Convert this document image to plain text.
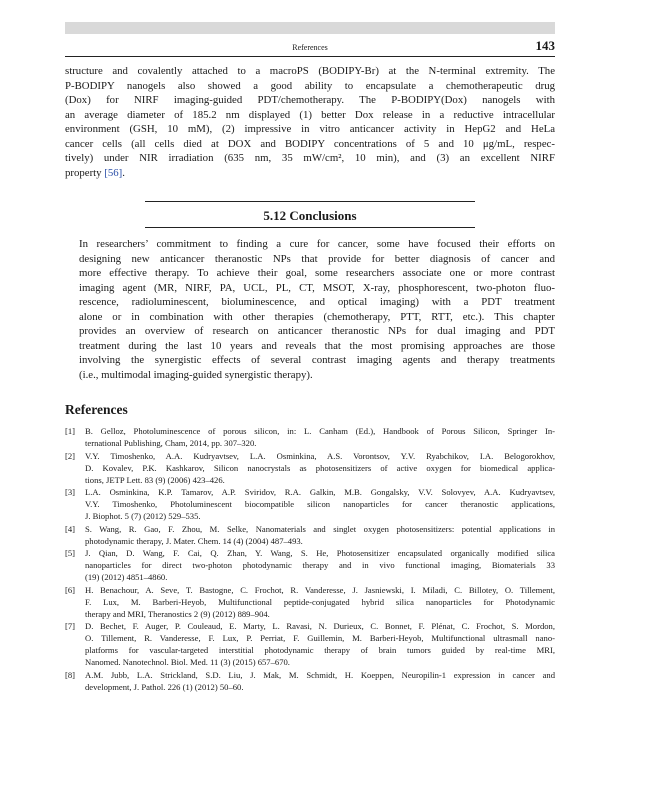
References	143

structure and covalently attached to a macroPS (BODIPY-Br) at the N-terminal extremity. The
P-BODIPY nanogels also showed a good ability to encapsulate a chemotherapeutic drug
(Dox) for NIRF imaging-guided PDT/chemotherapy. The P-BODIPY(Dox) nanogels with
an average diameter of 185.2 nm displayed (1) better Dox release in a reductive intracellular
environment (GSH, 10 mM), (2) impressive in vitro anticancer activity in HepG2 and HeLa
cancer cells (all cells died at DOX and BODIPY concentrations of 5 and 10 μg/mL, respec-
tively) under NIR irradiation (635 nm, 35 mW/cm², 10 min), and (3) an excellent NIRF
property [56].

5.12 Conclusions

In researchers’ commitment to finding a cure for cancer, some have focused their efforts on
designing new anticancer theranostic NPs that provide for better diagnosis of cancer and
more effective therapy. To achieve their goal, some researchers associate one or more contrast
imaging agent (MR, NIRF, PA, UCL, PL, CT, MSOT, X-ray, phosphorescent, two-photon fluo-
rescence, radioluminescent, bioluminescence, and optical imaging) with a PDT treatment
alone or in combination with other therapies (chemotherapy, PTT, RTT, etc.). This chapter
provides an overview of research on anticancer theranostic NPs for dual imaging and PDT
treatment during the last 10 years and reveals that the most promising approaches are those
involving the synergistic effects of several contrast imaging agents and therapy treatments
(i.e., multimodal imaging-guided synergistic therapy).

References
[1] B. Gelloz, Photoluminescence of porous silicon, in: L. Canham (Ed.), Handbook of Porous Silicon, Springer In-
ternational Publishing, Cham, 2014, pp. 307–320.
[2] V.Y. Timoshenko, A.A. Kudryavtsev, L.A. Osminkina, A.S. Vorontsov, Y.V. Ryabchikov, I.A. Belogorokhov,
D. Kovalev, P.K. Kashkarov, Silicon nanocrystals as photosensitizers of active oxygen for biomedical applica-
tions, JETP Lett. 83 (9) (2006) 423–426.
[3] L.A. Osminkina, K.P. Tamarov, A.P. Sviridov, R.A. Galkin, M.B. Gongalsky, V.V. Solovyev, A.A. Kudryavtsev,
V.Y. Timoshenko, Photoluminescent biocompatible silicon nanoparticles for cancer theranostic applications,
J. Biophot. 5 (7) (2012) 529–535.
[4] S. Wang, R. Gao, F. Zhou, M. Selke, Nanomaterials and singlet oxygen photosensitizers: potential applications in
photodynamic therapy, J. Mater. Chem. 14 (4) (2004) 487–493.
[5] J. Qian, D. Wang, F. Cai, Q. Zhan, Y. Wang, S. He, Photosensitizer encapsulated organically modified silica
nanoparticles for direct two-photon photodynamic therapy and in vivo functional imaging, Biomaterials 33
(19) (2012) 4851–4860.
[6] H. Benachour, A. Seve, T. Bastogne, C. Frochot, R. Vanderesse, J. Jasniewski, I. Miladi, C. Billotey, O. Tillement,
F. Lux, M. Barberi-Heyob, Multifunctional peptide-conjugated hybrid silica nanoparticles for Photodynamic
therapy and MRI, Theranostics 2 (9) (2012) 889–904.
[7] D. Bechet, F. Auger, P. Couleaud, E. Marty, L. Ravasi, N. Durieux, C. Bonnet, F. Plénat, C. Frochot, S. Mordon,
O. Tillement, R. Vanderesse, F. Lux, P. Perriat, F. Guillemin, M. Barberi-Heyob, Multifunctional ultrasmall nano-
platforms for vascular-targeted interstitial photodynamic therapy of brain tumors guided by real-time MRI,
Nanomed. Nanotechnol. Biol. Med. 11 (3) (2015) 657–670.
[8] A.M. Jubb, L.A. Strickland, S.D. Liu, J. Mak, M. Schmidt, H. Koeppen, Neuropilin-1 expression in cancer and
development, J. Pathol. 226 (1) (2012) 50–60.
